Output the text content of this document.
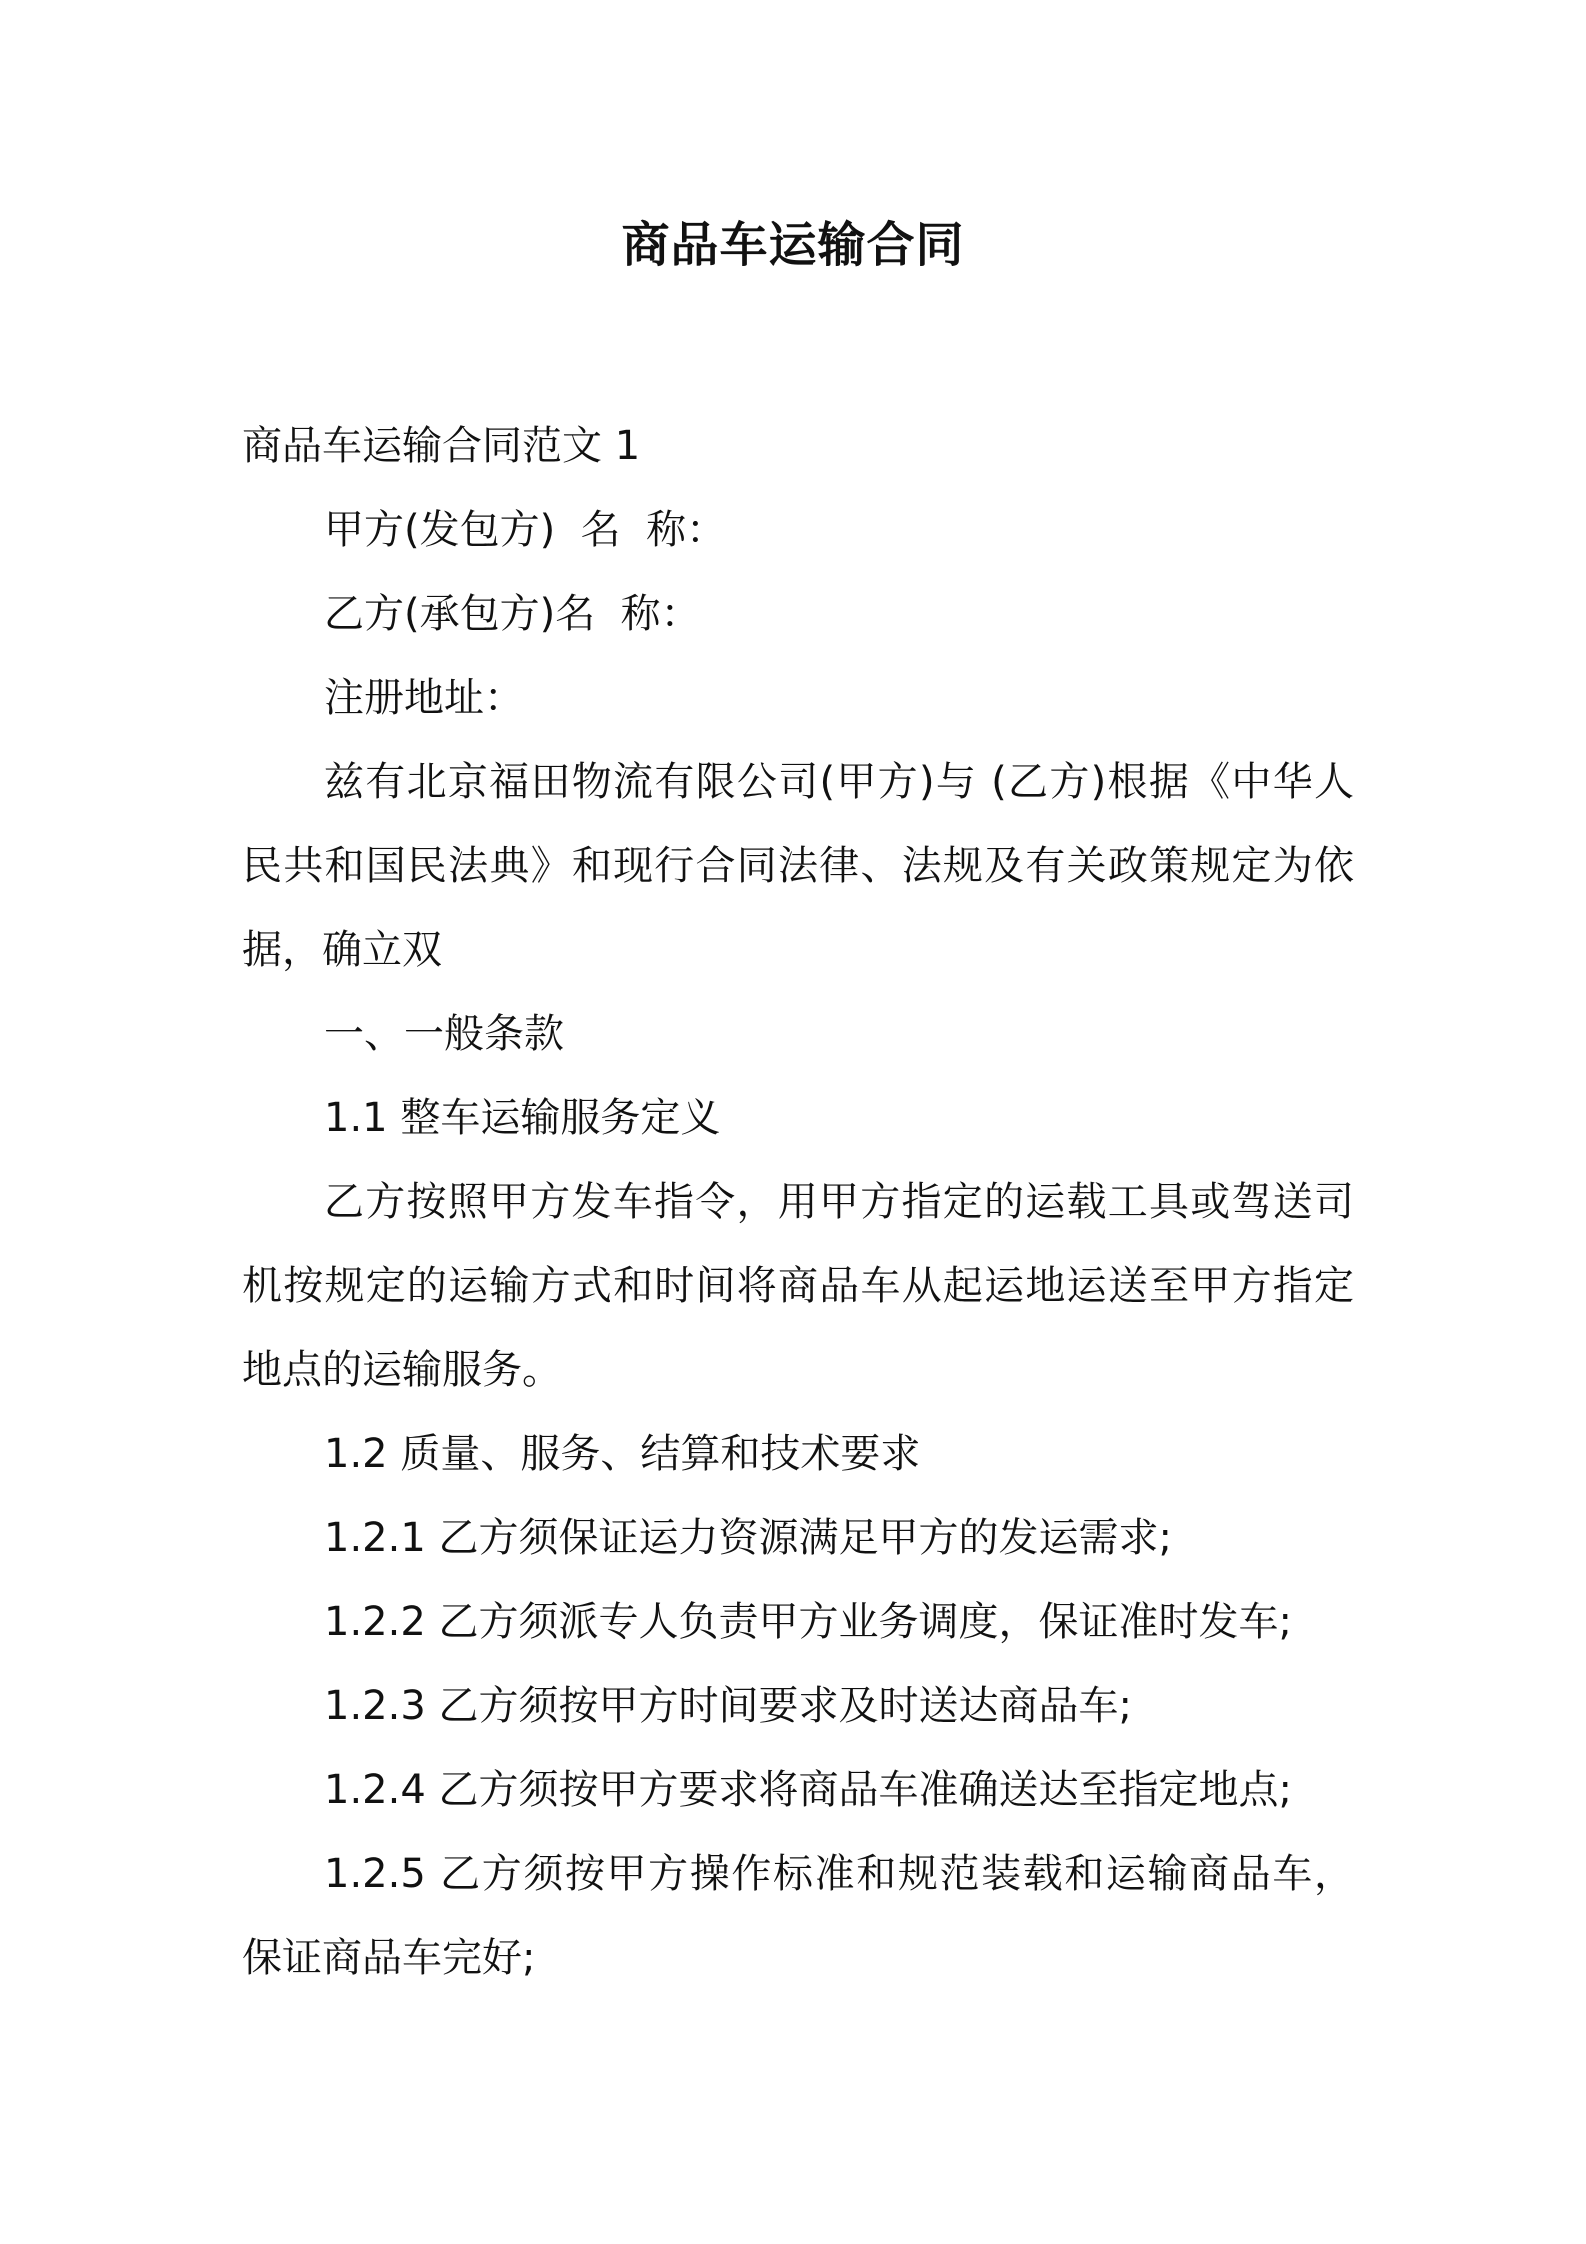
商品车运输合同

商品车运输合同范文 1

甲方(发包方)  名  称：

乙方(承包方)名  称：

注册地址：

兹有北京福田物流有限公司(甲方)与 (乙方)根据《中华人民共和国民法典》和现行合同法律、法规及有关政策规定为依据，确立双

一、一般条款

1.1 整车运输服务定义

乙方按照甲方发车指令，用甲方指定的运载工具或驾送司机按规定的运输方式和时间将商品车从起运地运送至甲方指定地点的运输服务。

1.2 质量、服务、结算和技术要求

1.2.1 乙方须保证运力资源满足甲方的发运需求;

1.2.2 乙方须派专人负责甲方业务调度，保证准时发车;

1.2.3 乙方须按甲方时间要求及时送达商品车;

1.2.4 乙方须按甲方要求将商品车准确送达至指定地点;

1.2.5 乙方须按甲方操作标准和规范装载和运输商品车，保证商品车完好;
